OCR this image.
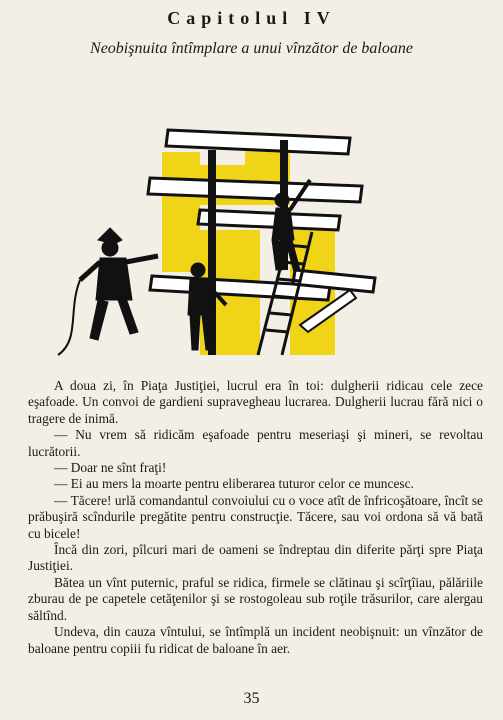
Capitolul IV
Neobişnuita întîmplare a unui vînzător de baloane

A doua zi, în Piaţa Justiţiei, lucrul era în toi: dulgherii ridicau cele zece eşafoade. Un convoi de gardieni supravegheau lucrarea. Dulgherii lucrau fără nici o tragere de inimă.

— Nu vrem să ridicăm eşafoade pentru meseriaşi şi mineri, se revoltau lucrătorii.

— Doar ne sînt fraţi!

— Ei au mers la moarte pentru eliberarea tuturor celor ce muncesc.

— Tăcere! urlă comandantul convoiului cu o voce atît de înfricoşătoare, încît se prăbuşiră scîndurile pregătite pentru construcţie. Tăcere, sau voi ordona să vă bată cu bicele!

Încă din zori, pîlcuri mari de oameni se îndreptau din diferite părţi spre Piaţa Justiţiei.

Bătea un vînt puternic, praful se ridica, firmele se clătinau şi scîrţîiau, pălăriile zburau de pe capetele cetăţenilor şi se rostogoleau sub roţile trăsurilor, care alergau săltînd.

Undeva, din cauza vîntului, se întîmplă un incident neobişnuit: un vînzător de baloane pentru copiii fu ridicat de baloane în aer.

35
